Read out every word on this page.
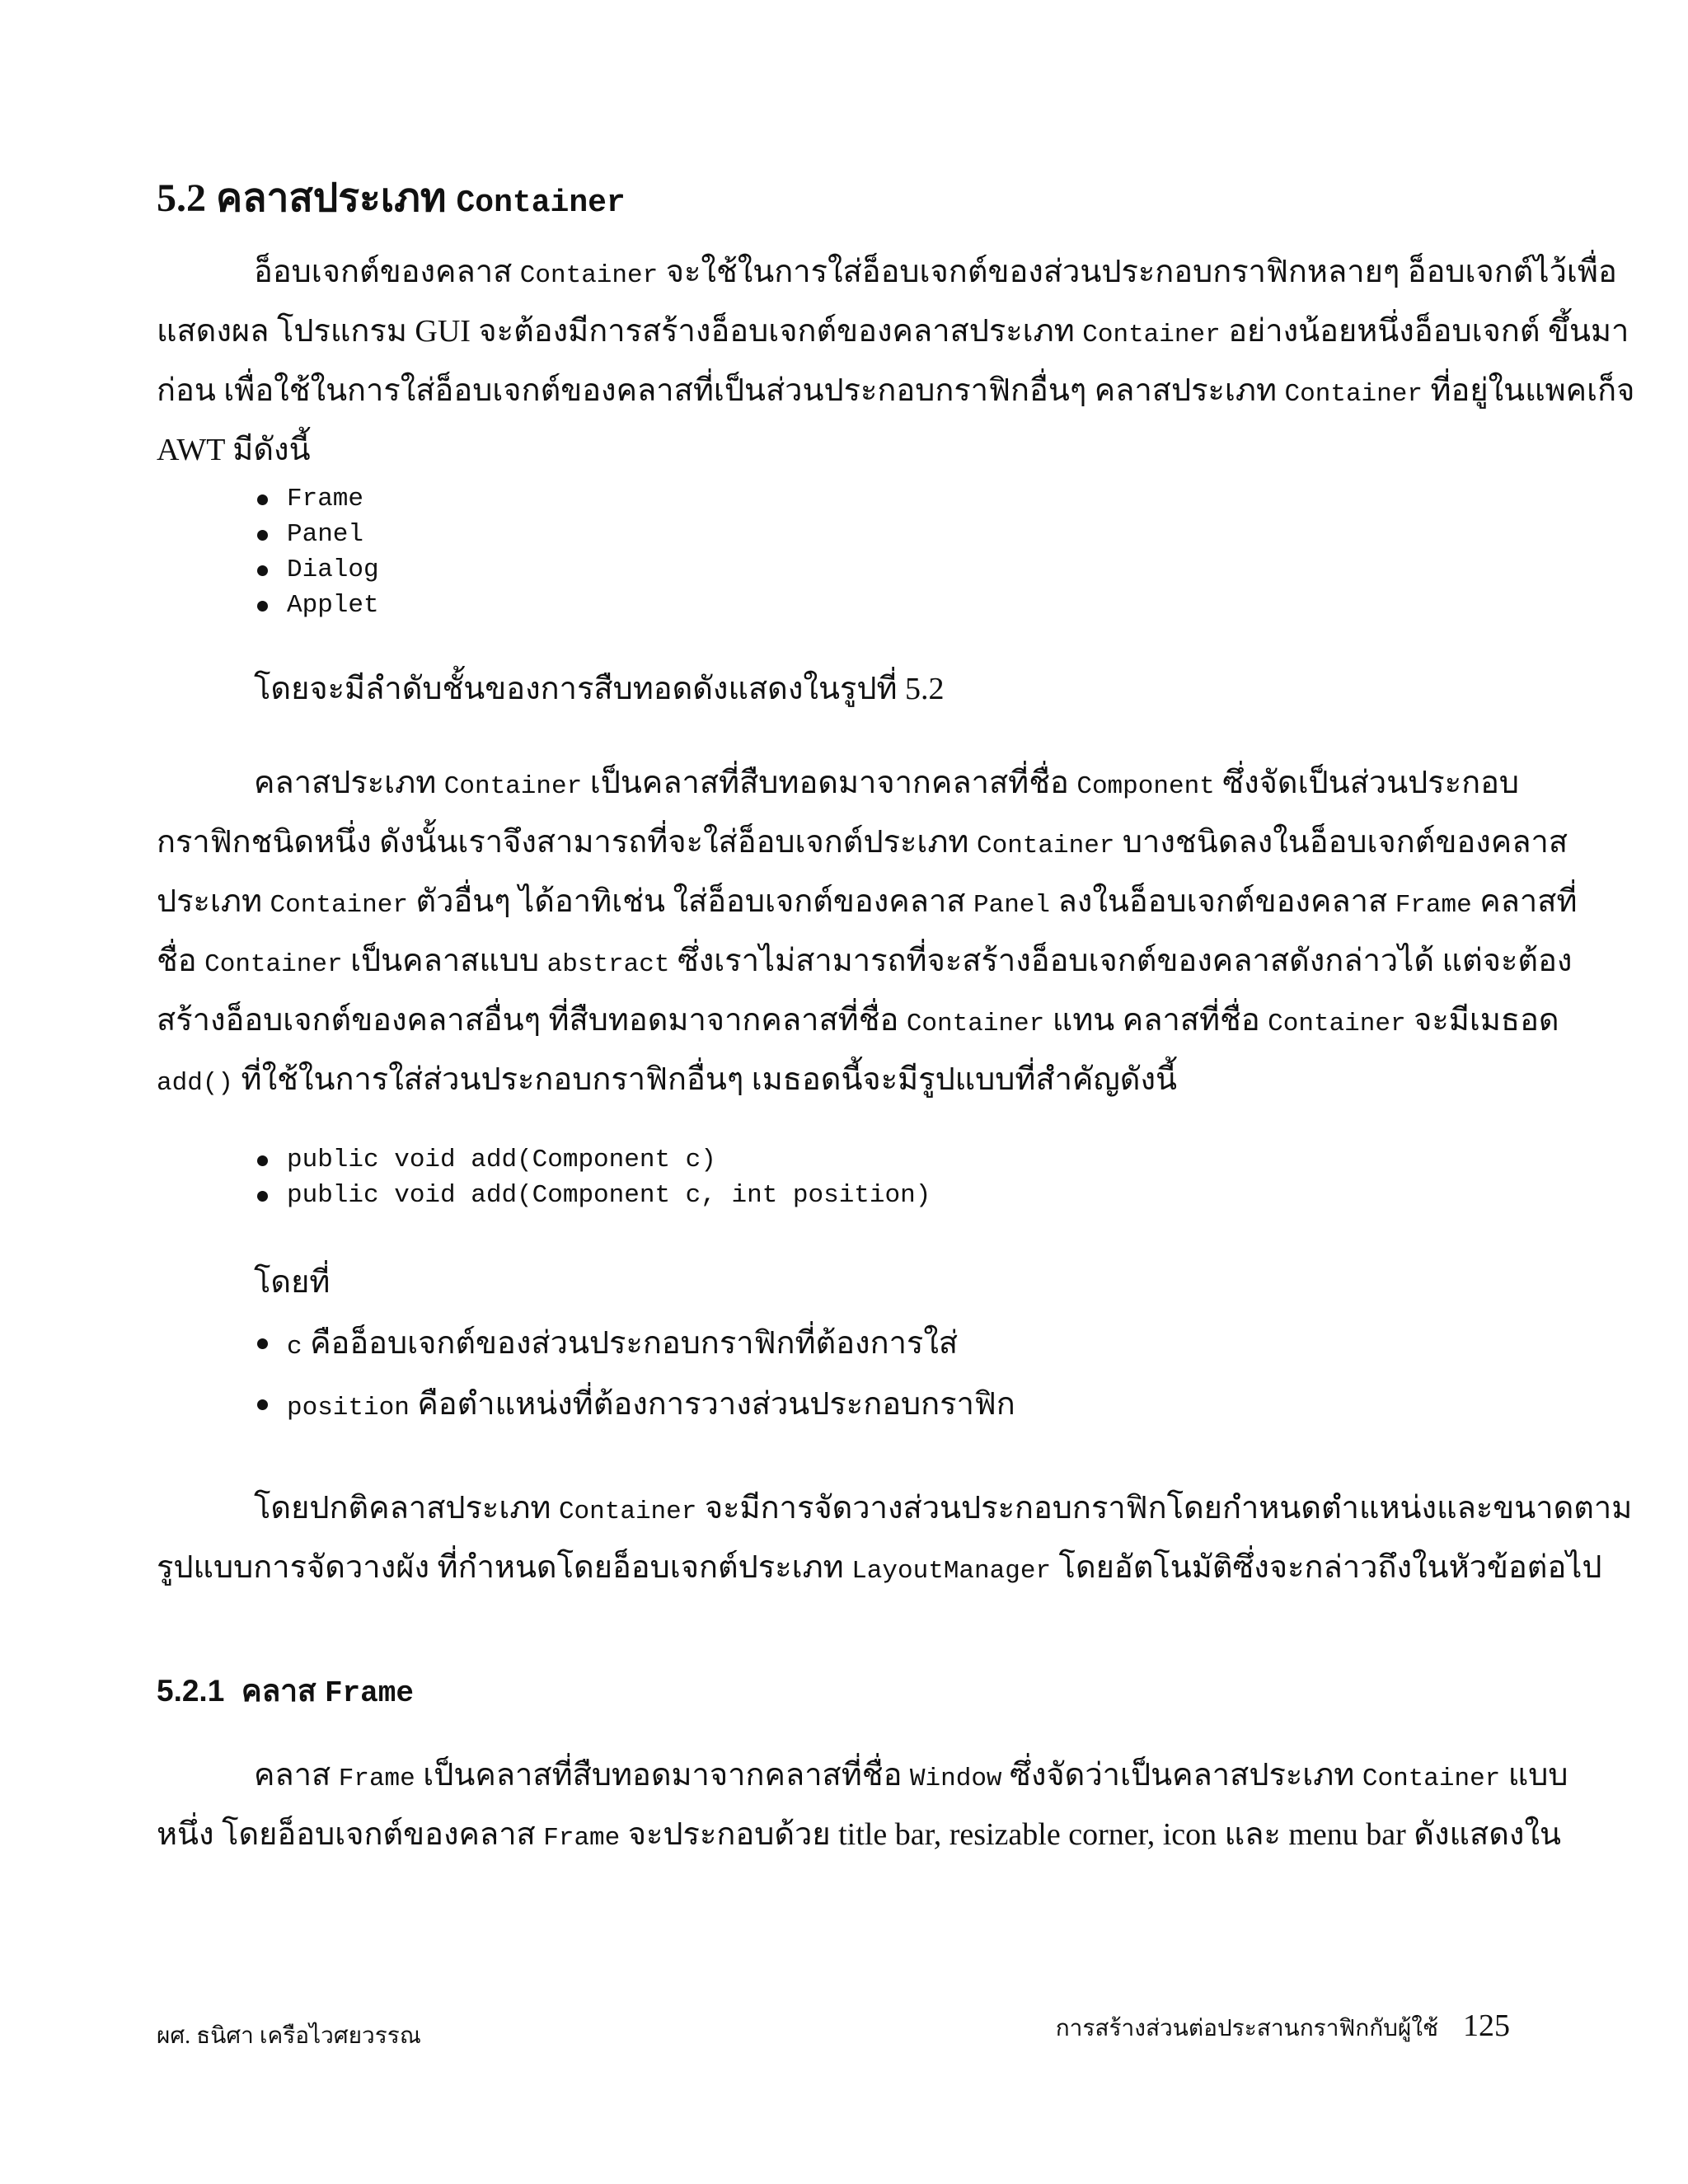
5.2 คลาสประเภท Container
อ็อบเจกต์ของคลาส Container จะใช้ในการใส่อ็อบเจกต์ของส่วนประกอบกราฟิกหลายๆ อ็อบเจกต์ไว้เพื่อ
แสดงผล โปรแกรม GUI จะต้องมีการสร้างอ็อบเจกต์ของคลาสประเภท Container อย่างน้อยหนึ่งอ็อบเจกต์ ขึ้นมา
ก่อน เพื่อใช้ในการใส่อ็อบเจกต์ของคลาสที่เป็นส่วนประกอบกราฟิกอื่นๆ คลาสประเภท Container ที่อยู่ในแพคเก็จ
AWT มีดังนี้
Frame
Panel
Dialog
Applet
โดยจะมีลำดับชั้นของการสืบทอดดังแสดงในรูปที่ 5.2
คลาสประเภท Container เป็นคลาสที่สืบทอดมาจากคลาสที่ชื่อ Component ซึ่งจัดเป็นส่วนประกอบ
กราฟิกชนิดหนึ่ง ดังนั้นเราจึงสามารถที่จะใส่อ็อบเจกต์ประเภท Container บางชนิดลงในอ็อบเจกต์ของคลาส
ประเภท Container ตัวอื่นๆ ได้อาทิเช่น ใส่อ็อบเจกต์ของคลาส Panel ลงในอ็อบเจกต์ของคลาส Frame คลาสที่
ชื่อ Container เป็นคลาสแบบ abstract ซึ่งเราไม่สามารถที่จะสร้างอ็อบเจกต์ของคลาสดังกล่าวได้ แต่จะต้อง
สร้างอ็อบเจกต์ของคลาสอื่นๆ ที่สืบทอดมาจากคลาสที่ชื่อ Container แทน คลาสที่ชื่อ Container จะมีเมธอด
add() ที่ใช้ในการใส่ส่วนประกอบกราฟิกอื่นๆ เมธอดนี้จะมีรูปแบบที่สำคัญดังนี้
public void add(Component c)
public void add(Component c, int position)
โดยที่
c คืออ็อบเจกต์ของส่วนประกอบกราฟิกที่ต้องการใส่
position คือตำแหน่งที่ต้องการวางส่วนประกอบกราฟิก
โดยปกติคลาสประเภท Container จะมีการจัดวางส่วนประกอบกราฟิกโดยกำหนดตำแหน่งและขนาดตาม
รูปแบบการจัดวางผัง ที่กำหนดโดยอ็อบเจกต์ประเภท LayoutManager โดยอัตโนมัติซึ่งจะกล่าวถึงในหัวข้อต่อไป
5.2.1 คลาส Frame
คลาส Frame เป็นคลาสที่สืบทอดมาจากคลาสที่ชื่อ Window ซึ่งจัดว่าเป็นคลาสประเภท Container แบบ
หนึ่ง โดยอ็อบเจกต์ของคลาส Frame จะประกอบด้วย title bar, resizable corner, icon และ menu bar ดังแสดงใน
ผศ. ธนิศา เครือไวศยวรรณ	การสร้างส่วนต่อประสานกราฟิกกับผู้ใช้ 125
